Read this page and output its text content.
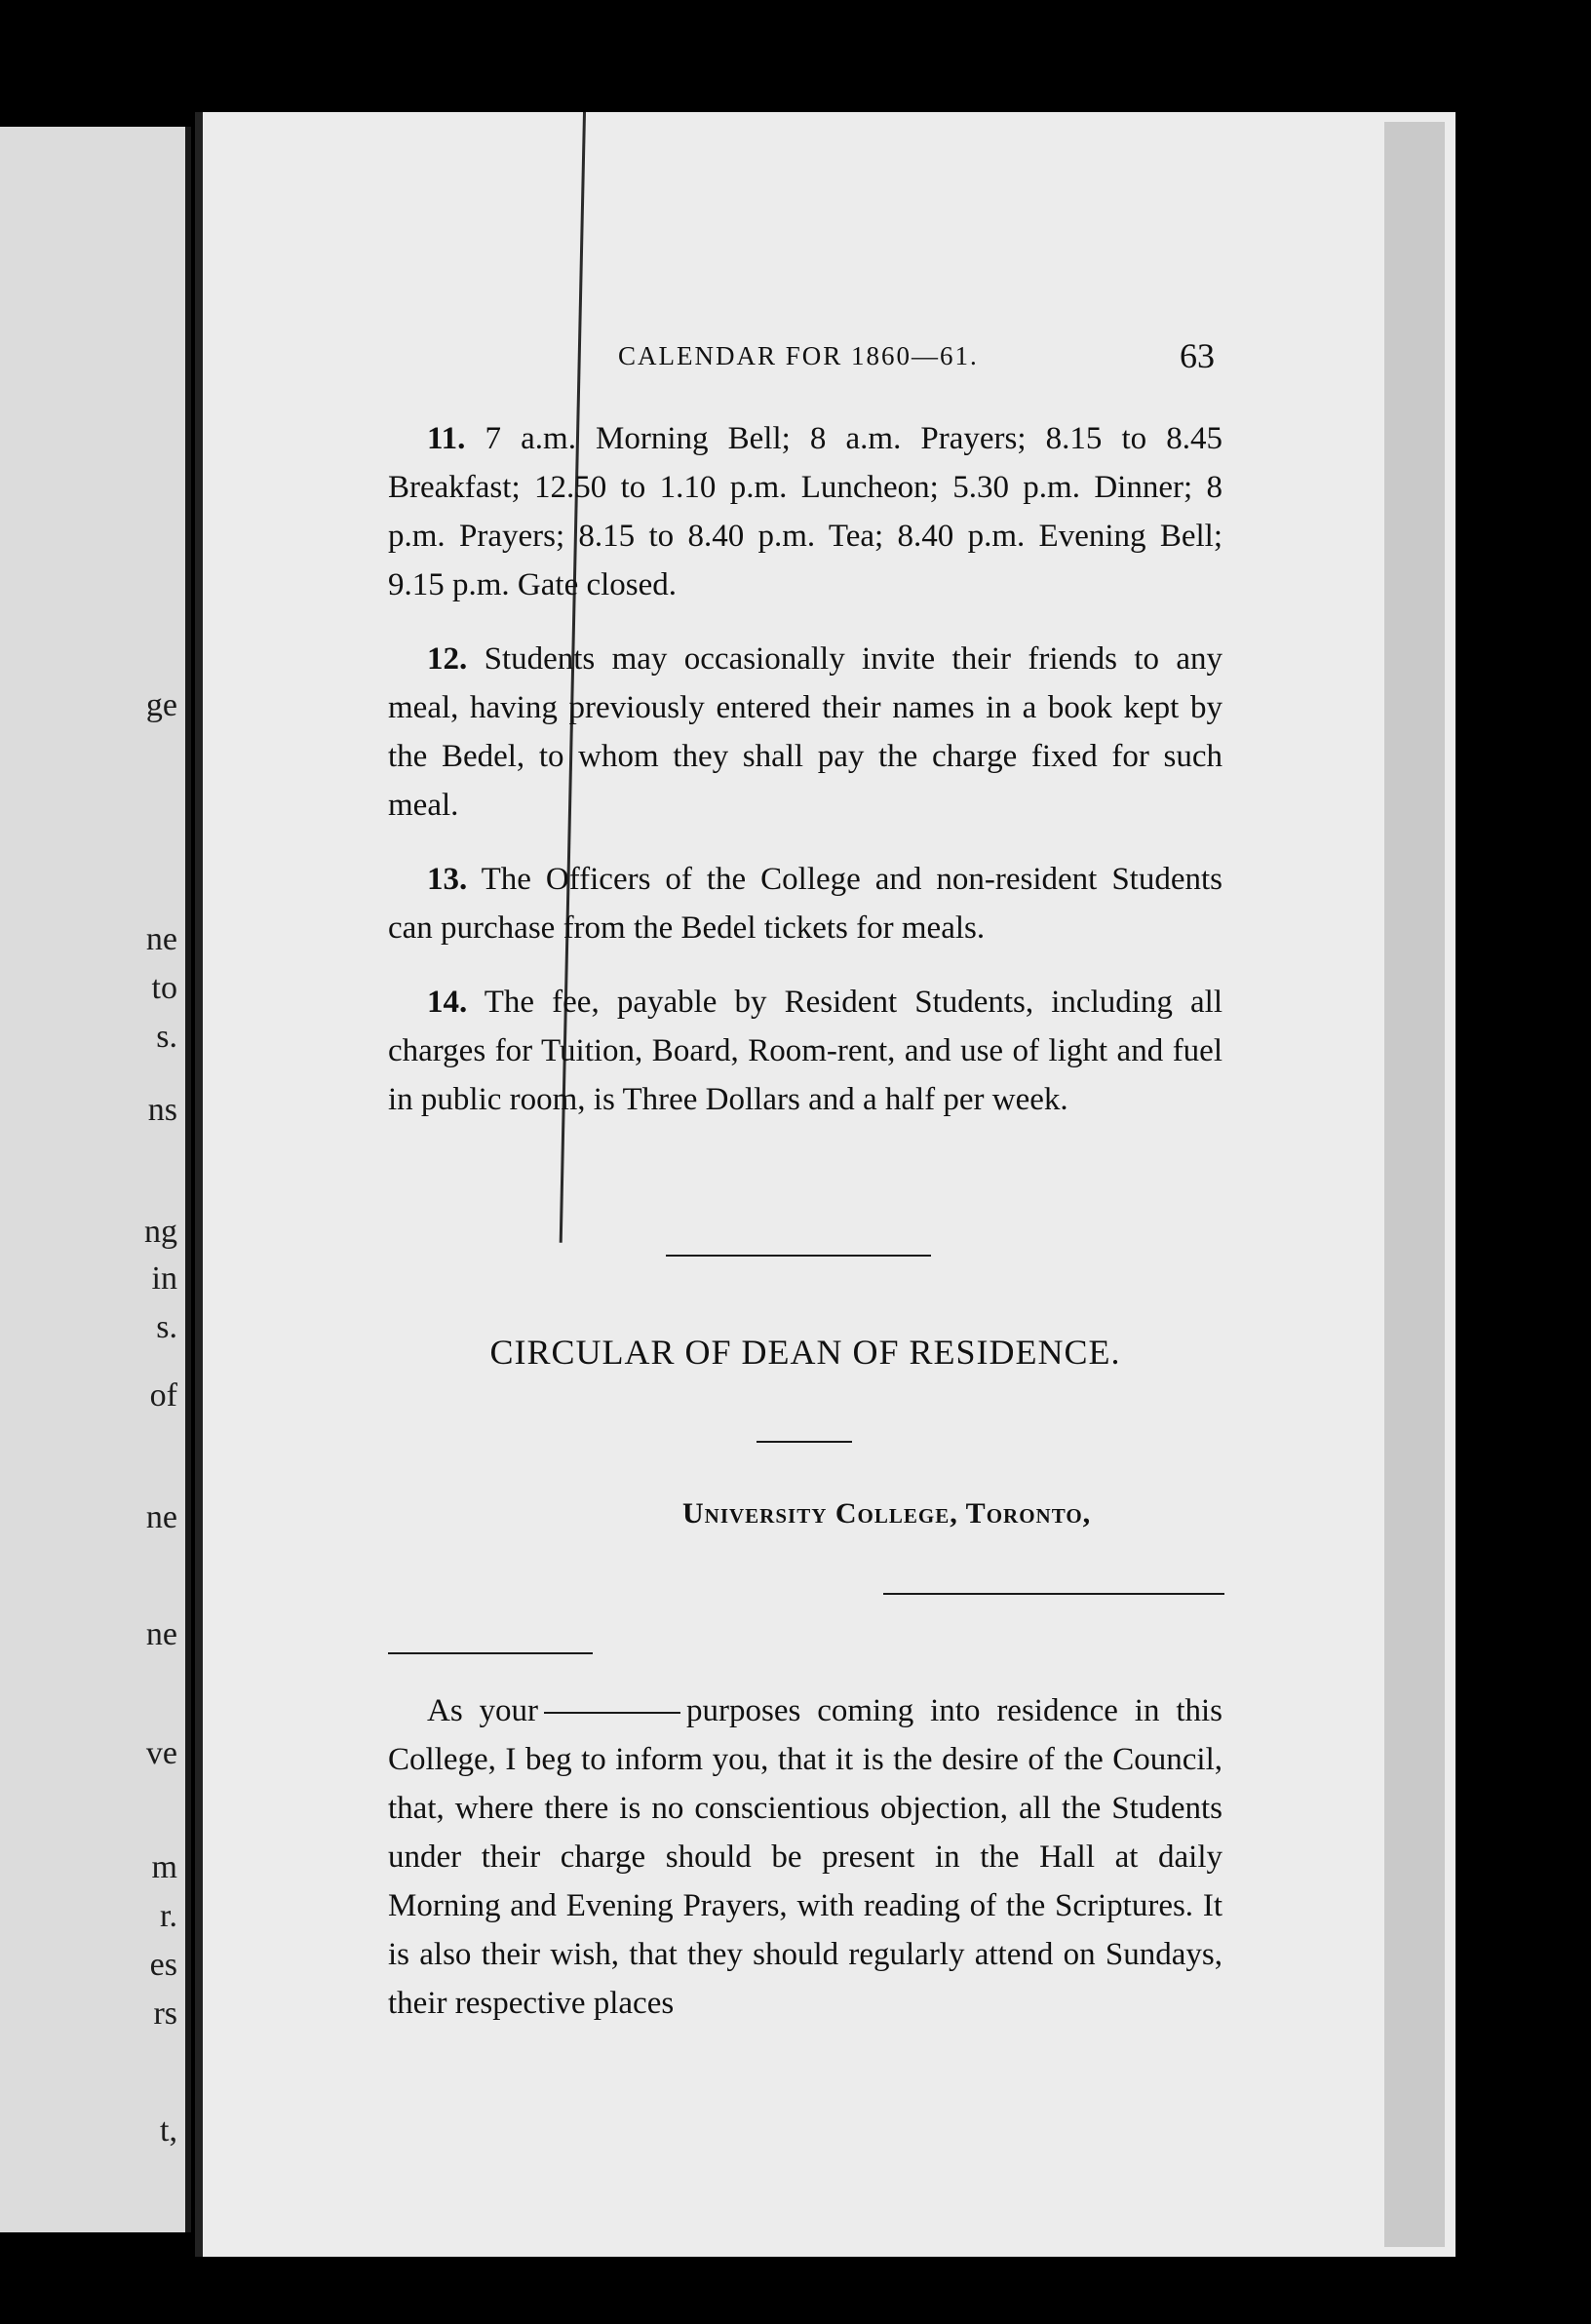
ge
ne
to
s.
ns
ng
in
s.
of
ne
ne
ve
m
r.
es
rs
t,
CALENDAR FOR 1860—61.	63

11. 7 a.m. Morning Bell; 8 a.m. Prayers; 8.15 to 8.45 Breakfast; 12.50 to 1.10 p.m. Luncheon; 5.30 p.m. Dinner; 8 p.m. Prayers; 8.15 to 8.40 p.m. Tea; 8.40 p.m. Evening Bell; 9.15 p.m. Gate closed.

12. Students may occasionally invite their friends to any meal, having previously entered their names in a book kept by the Bedel, to whom they shall pay the charge fixed for such meal.

13. The Officers of the College and non-resident Students can purchase from the Bedel tickets for meals.

14. The fee, payable by Resident Students, including all charges for Tuition, Board, Room-rent, and use of light and fuel in public room, is Three Dollars and a half per week.

CIRCULAR OF DEAN OF RESIDENCE.
University College, Toronto,

As your	purposes coming into residence in this College, I beg to inform you, that it is the desire of the Council, that, where there is no conscientious objection, all the Students under their charge should be present in the Hall at daily Morning and Evening Prayers, with reading of the Scriptures. It is also their wish, that they should regularly attend on Sundays, their respective places
